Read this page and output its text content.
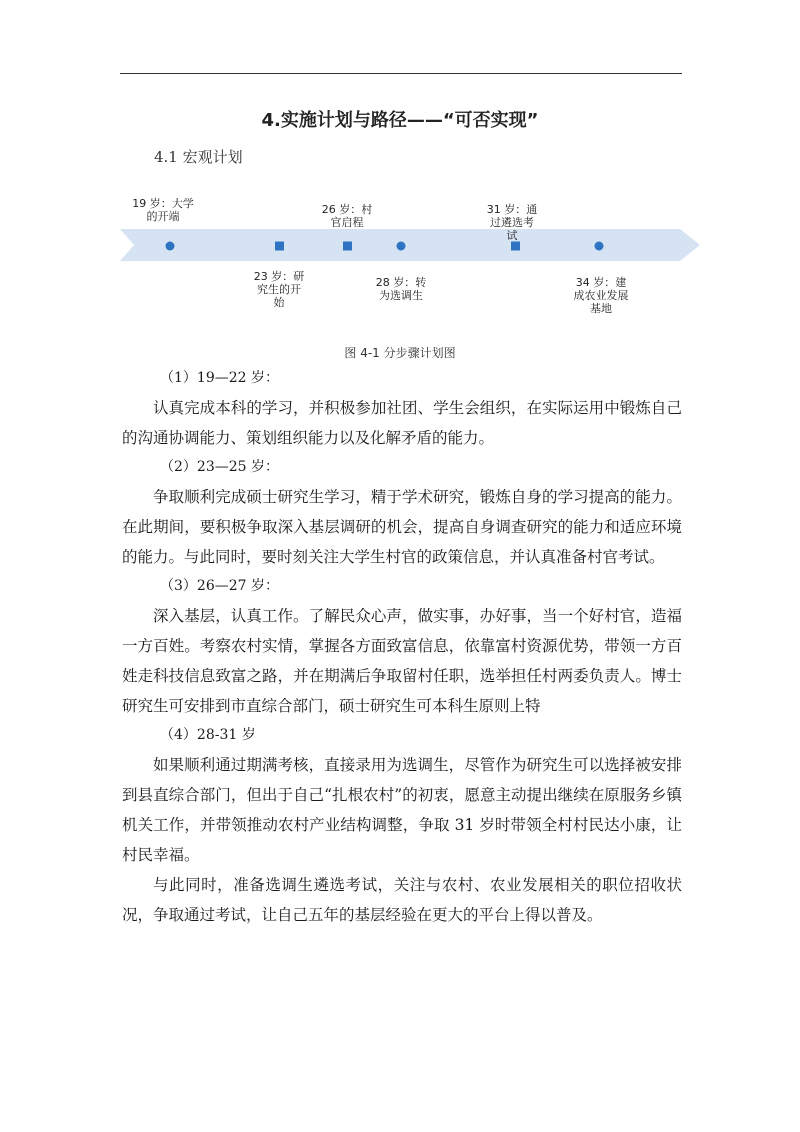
4.实施计划与路径——“可否实现”
4.1 宏观计划
19 岁：大学
的开端
26 岁：村
官启程
31 岁：通
过遴选考
试
23 岁：研
究生的开
始
28 岁：转
为选调生
34 岁：建
成农业发展
基地
图 4-1 分步骤计划图

（1）19—22 岁：

认真完成本科的学习，并积极参加社团、学生会组织，在实际运用中锻炼自己的沟通协调能力、策划组织能力以及化解矛盾的能力。

（2）23—25 岁：

争取顺利完成硕士研究生学习，精于学术研究，锻炼自身的学习提高的能力。在此期间，要积极争取深入基层调研的机会，提高自身调查研究的能力和适应环境的能力。与此同时，要时刻关注大学生村官的政策信息，并认真准备村官考试。

（3）26—27 岁：

深入基层，认真工作。了解民众心声，做实事，办好事，当一个好村官，造福一方百姓。考察农村实情，掌握各方面致富信息，依靠富村资源优势，带领一方百姓走科技信息致富之路，并在期满后争取留村任职，选举担任村两委负责人。博士研究生可安排到市直综合部门，硕士研究生可本科生原则上特

（4）28-31 岁

如果顺利通过期满考核，直接录用为选调生，尽管作为研究生可以选择被安排到县直综合部门，但出于自己“扎根农村”的初衷，愿意主动提出继续在原服务乡镇机关工作，并带领推动农村产业结构调整，争取 31 岁时带领全村村民达小康，让村民幸福。

与此同时，准备选调生遴选考试，关注与农村、农业发展相关的职位招收状况，争取通过考试，让自己五年的基层经验在更大的平台上得以普及。
